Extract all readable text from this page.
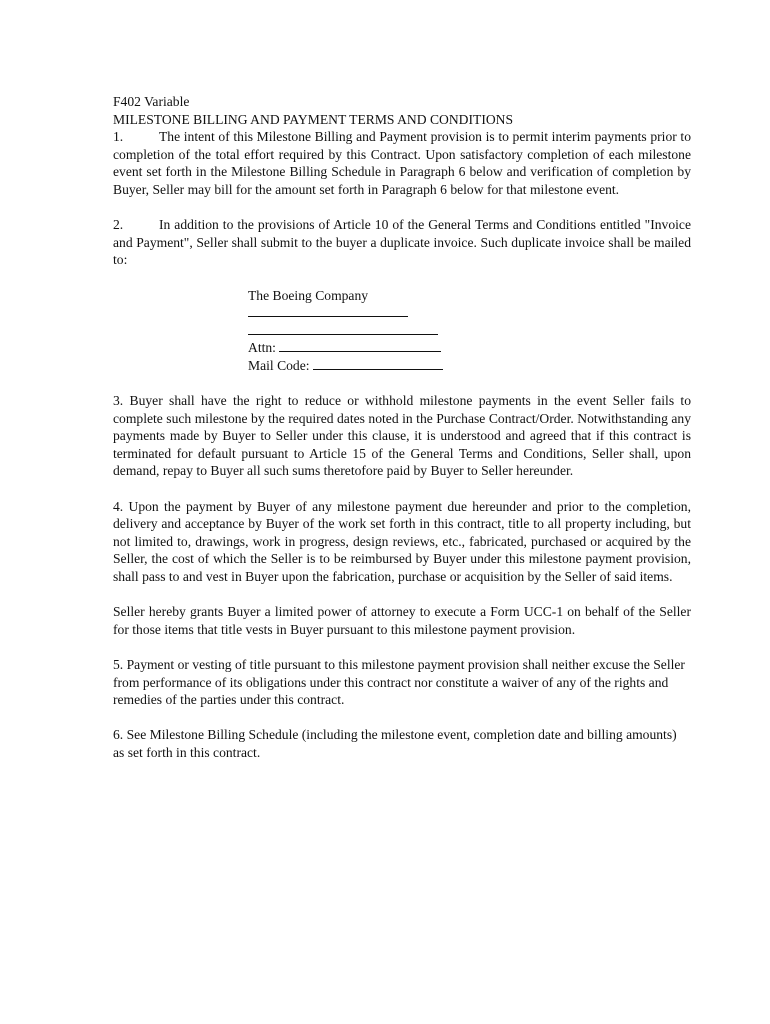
F402 Variable
MILESTONE BILLING AND PAYMENT TERMS AND CONDITIONS

1.	The intent of this Milestone Billing and Payment provision is to permit interim payments prior to completion of the total effort required by this Contract. Upon satisfactory completion of each milestone event set forth in the Milestone Billing Schedule in Paragraph 6 below and verification of completion by Buyer, Seller may bill for the amount set forth in Paragraph 6 below for that milestone event.

2.	In addition to the provisions of Article 10 of the General Terms and Conditions entitled "Invoice and Payment", Seller shall submit to the buyer a duplicate invoice. Such duplicate invoice shall be mailed to:

The Boeing Company
Attn:
Mail Code:

3. Buyer shall have the right to reduce or withhold milestone payments in the event Seller fails to complete such milestone by the required dates noted in the Purchase Contract/Order. Notwithstanding any payments made by Buyer to Seller under this clause, it is understood and agreed that if this contract is terminated for default pursuant to Article 15 of the General Terms and Conditions, Seller shall, upon demand, repay to Buyer all such sums theretofore paid by Buyer to Seller hereunder.

4. Upon the payment by Buyer of any milestone payment due hereunder and prior to the completion, delivery and acceptance by Buyer of the work set forth in this contract, title to all property including, but not limited to, drawings, work in progress, design reviews, etc., fabricated, purchased or acquired by the Seller, the cost of which the Seller is to be reimbursed by Buyer under this milestone payment provision, shall pass to and vest in Buyer upon the fabrication, purchase or acquisition by the Seller of said items.

Seller hereby grants Buyer a limited power of attorney to execute a Form UCC-1 on behalf of the Seller for those items that title vests in Buyer pursuant to this milestone payment provision.

5. Payment or vesting of title pursuant to this milestone payment provision shall neither excuse the Seller from performance of its obligations under this contract nor constitute a waiver of any of the rights and remedies of the parties under this contract.

6. See Milestone Billing Schedule (including the milestone event, completion date and billing amounts) as set forth in this contract.
